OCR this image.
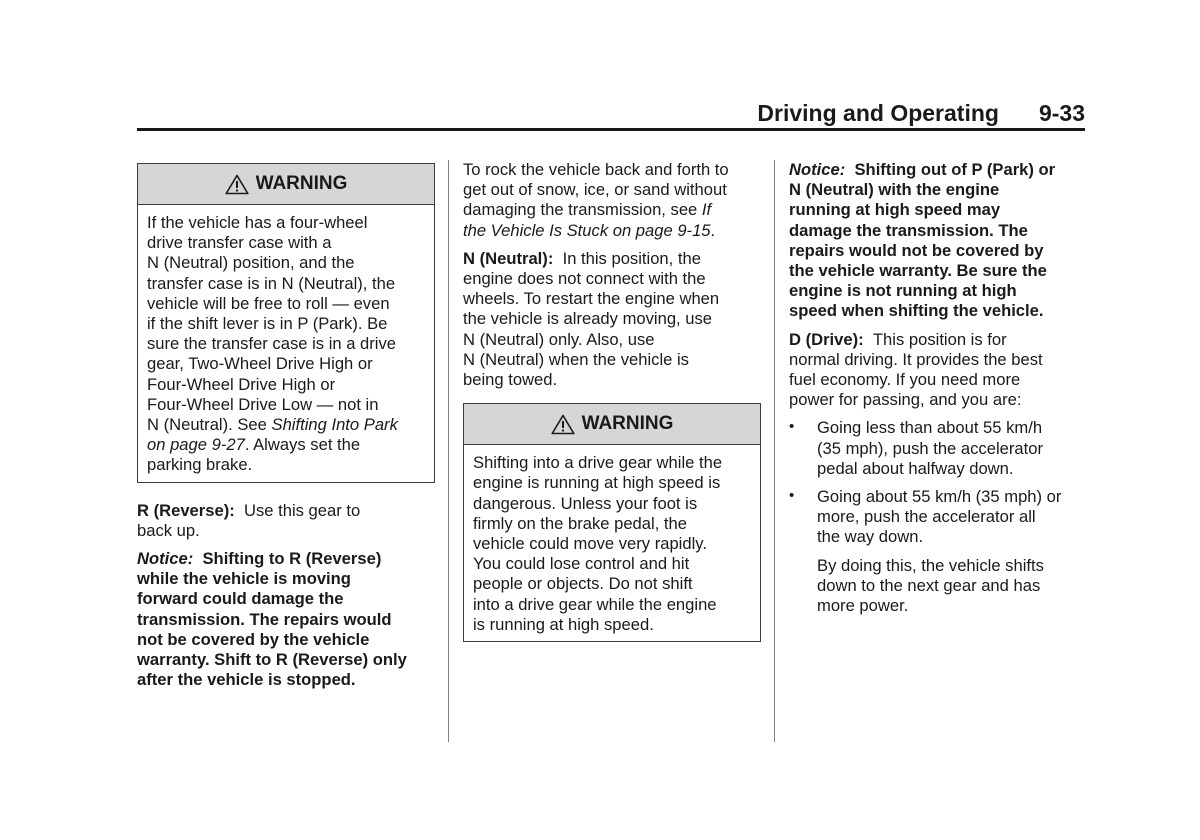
Driving and Operating 9-33
WARNING

If the vehicle has a four-wheel
drive transfer case with a
N (Neutral) position, and the
transfer case is in N (Neutral), the
vehicle will be free to roll — even
if the shift lever is in P (Park). Be
sure the transfer case is in a drive
gear, Two-Wheel Drive High or
Four-Wheel Drive High or
Four-Wheel Drive Low — not in
N (Neutral). See Shifting Into Park
on page 9-27. Always set the
parking brake.

R (Reverse): Use this gear to
back up.

Notice: Shifting to R (Reverse)
while the vehicle is moving
forward could damage the
transmission. The repairs would
not be covered by the vehicle
warranty. Shift to R (Reverse) only
after the vehicle is stopped.

To rock the vehicle back and forth to
get out of snow, ice, or sand without
damaging the transmission, see If
the Vehicle Is Stuck on page 9-15.

N (Neutral): In this position, the
engine does not connect with the
wheels. To restart the engine when
the vehicle is already moving, use
N (Neutral) only. Also, use
N (Neutral) when the vehicle is
being towed.

WARNING

Shifting into a drive gear while the
engine is running at high speed is
dangerous. Unless your foot is
firmly on the brake pedal, the
vehicle could move very rapidly.
You could lose control and hit
people or objects. Do not shift
into a drive gear while the engine
is running at high speed.

Notice: Shifting out of P (Park) or
N (Neutral) with the engine
running at high speed may
damage the transmission. The
repairs would not be covered by
the vehicle warranty. Be sure the
engine is not running at high
speed when shifting the vehicle.

D (Drive): This position is for
normal driving. It provides the best
fuel economy. If you need more
power for passing, and you are:

• Going less than about 55 km/h
(35 mph), push the accelerator
pedal about halfway down.
• Going about 55 km/h (35 mph) or
more, push the accelerator all
the way down.

By doing this, the vehicle shifts
down to the next gear and has
more power.
